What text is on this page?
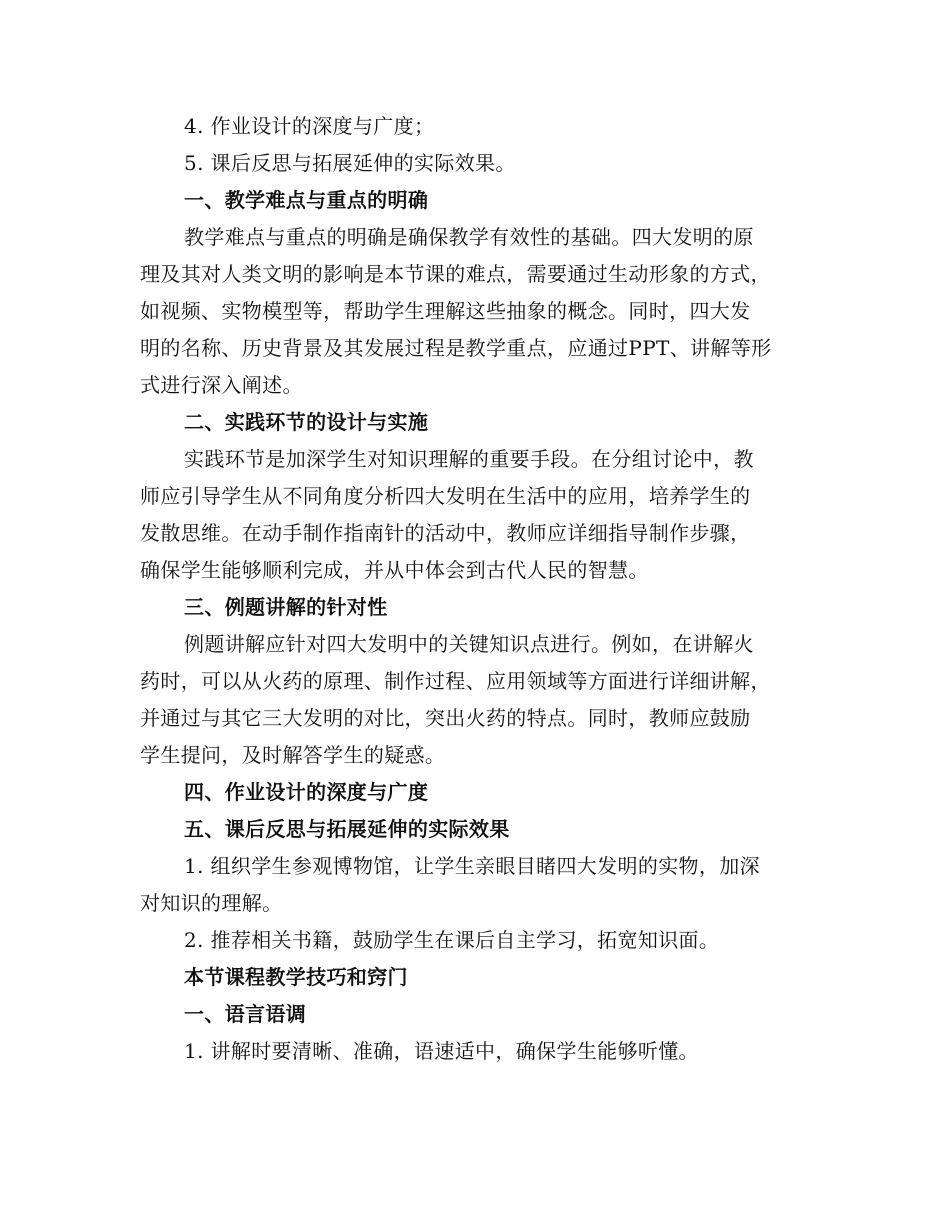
4. 作业设计的深度与广度；
5. 课后反思与拓展延伸的实际效果。
一、教学难点与重点的明确
教学难点与重点的明确是确保教学有效性的基础。四大发明的原
理及其对人类文明的影响是本节课的难点，需要通过生动形象的方式，
如视频、实物模型等，帮助学生理解这些抽象的概念。同时，四大发
明的名称、历史背景及其发展过程是教学重点，应通过PPT、讲解等形
式进行深入阐述。
二、实践环节的设计与实施
实践环节是加深学生对知识理解的重要手段。在分组讨论中，教
师应引导学生从不同角度分析四大发明在生活中的应用，培养学生的
发散思维。在动手制作指南针的活动中，教师应详细指导制作步骤，
确保学生能够顺利完成，并从中体会到古代人民的智慧。
三、例题讲解的针对性
例题讲解应针对四大发明中的关键知识点进行。例如，在讲解火
药时，可以从火药的原理、制作过程、应用领域等方面进行详细讲解，
并通过与其它三大发明的对比，突出火药的特点。同时，教师应鼓励
学生提问，及时解答学生的疑惑。
四、作业设计的深度与广度
五、课后反思与拓展延伸的实际效果
1. 组织学生参观博物馆，让学生亲眼目睹四大发明的实物，加深
对知识的理解。
2. 推荐相关书籍，鼓励学生在课后自主学习，拓宽知识面。
本节课程教学技巧和窍门
一、语言语调
1. 讲解时要清晰、准确，语速适中，确保学生能够听懂。
